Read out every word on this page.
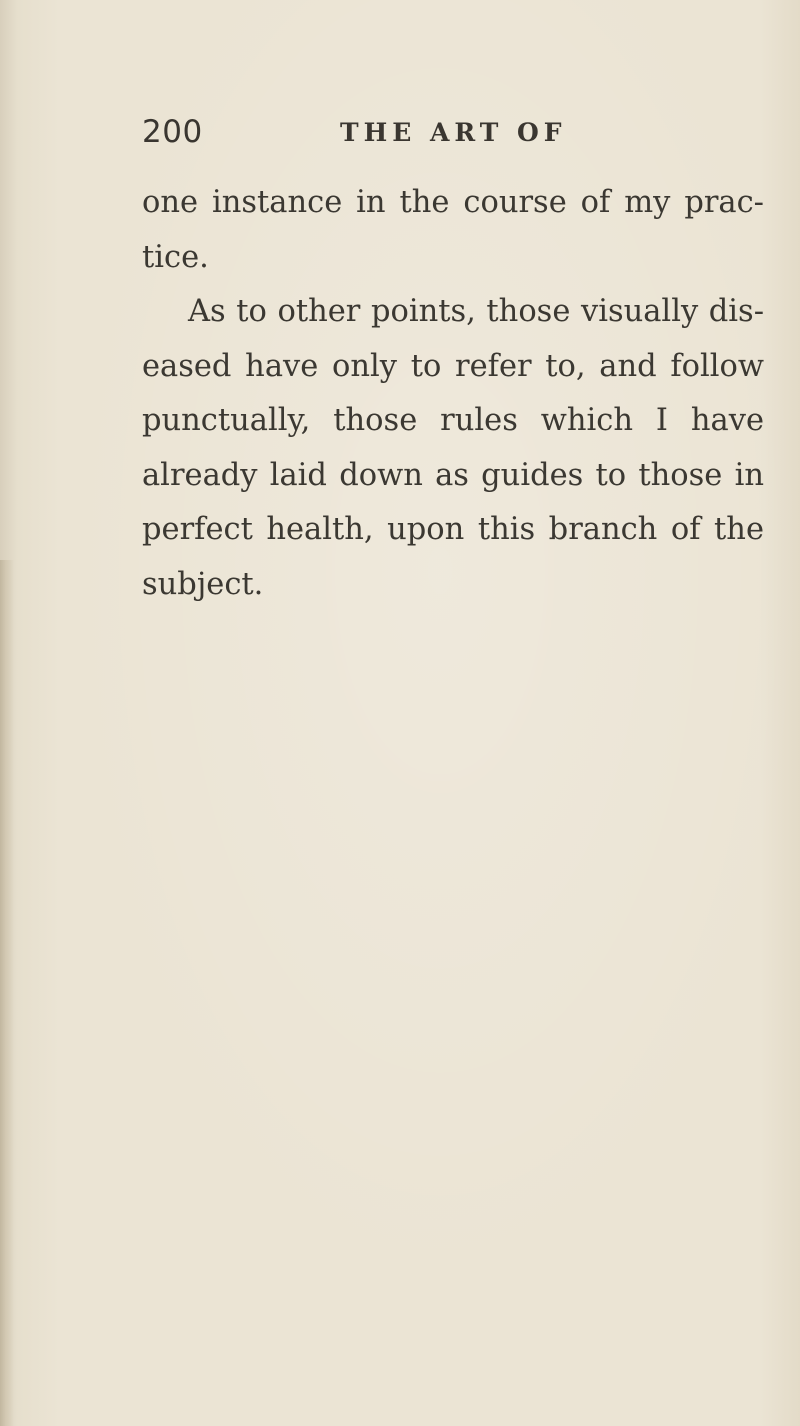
200	THE ART OF
one instance in the course of my prac-
tice.
As to other points, those visually dis-
eased have only to refer to, and follow
punctually, those rules which I have
already laid down as guides to those in
perfect health, upon this branch of the
subject.
